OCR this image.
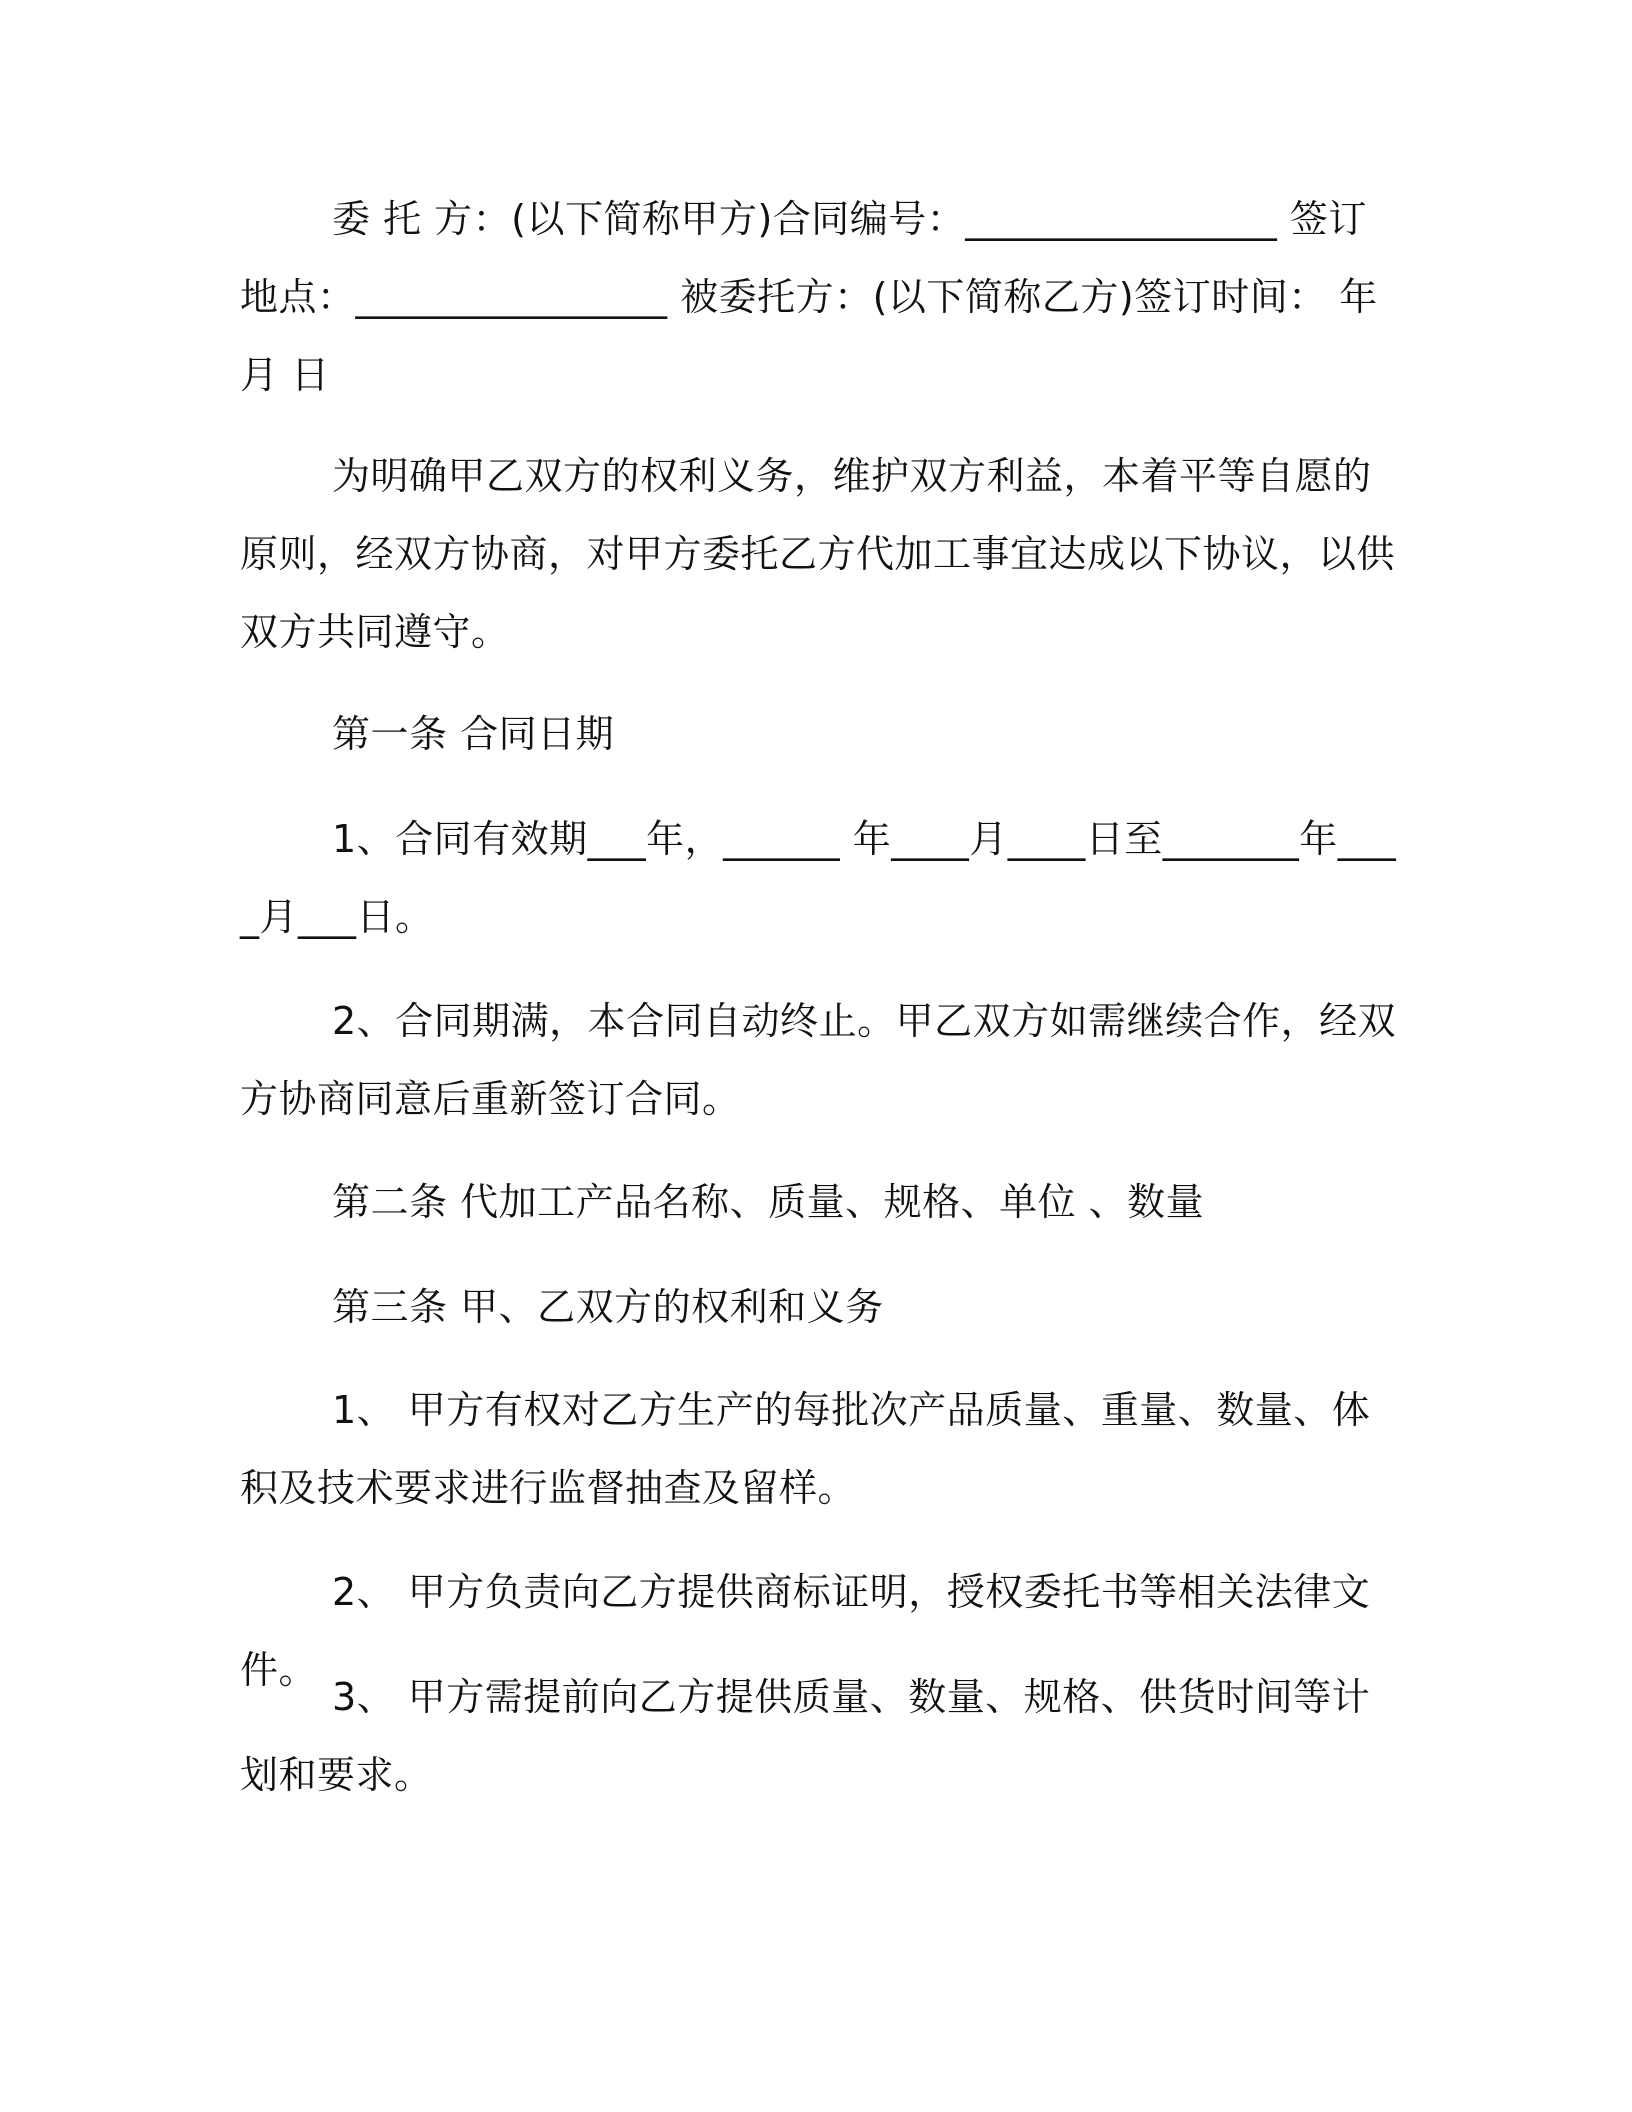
委 托 方：(以下简称甲方)合同编号：________________ 签订地点：________________ 被委托方：(以下简称乙方)签订时间： 年 月 日
为明确甲乙双方的权利义务，维护双方利益，本着平等自愿的原则，经双方协商，对甲方委托乙方代加工事宜达成以下协议，以供双方共同遵守。
第一条 合同日期
1、合同有效期___年，______ 年____月____日至_______年____月___日。
2、合同期满，本合同自动终止。甲乙双方如需继续合作，经双方协商同意后重新签订合同。
第二条 代加工产品名称、质量、规格、单位 、数量
第三条 甲、乙双方的权利和义务
1、 甲方有权对乙方生产的每批次产品质量、重量、数量、体积及技术要求进行监督抽查及留样。
2、 甲方负责向乙方提供商标证明，授权委托书等相关法律文件。
3、 甲方需提前向乙方提供质量、数量、规格、供货时间等计划和要求。
